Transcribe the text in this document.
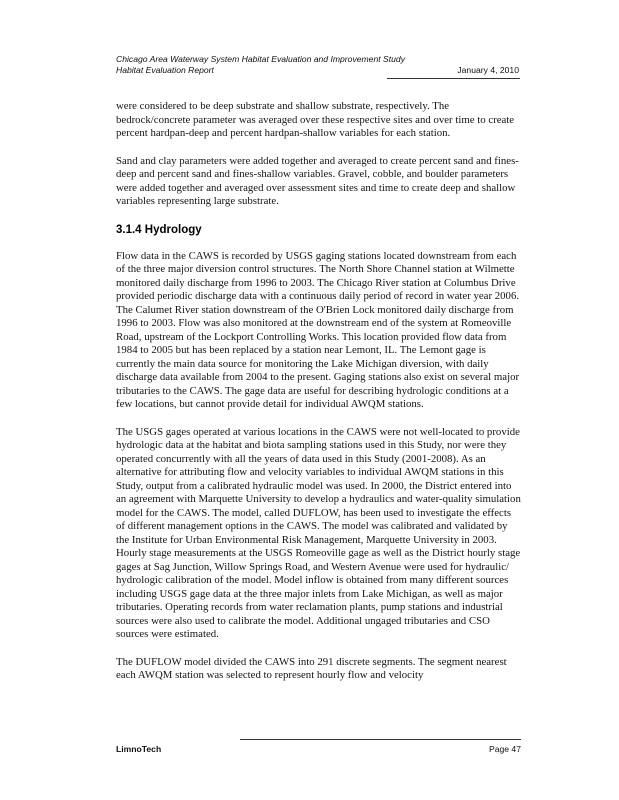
Chicago Area Waterway System Habitat Evaluation and Improvement Study
Habitat Evaluation Report	January 4, 2010

were considered to be deep substrate and shallow substrate, respectively. The bedrock/concrete parameter was averaged over these respective sites and over time to create percent hardpan-deep and percent hardpan-shallow variables for each station.

Sand and clay parameters were added together and averaged to create percent sand and fines-deep and percent sand and fines-shallow variables. Gravel, cobble, and boulder parameters were added together and averaged over assessment sites and time to create deep and shallow variables representing large substrate.

3.1.4 Hydrology

Flow data in the CAWS is recorded by USGS gaging stations located downstream from each of the three major diversion control structures. The North Shore Channel station at Wilmette monitored daily discharge from 1996 to 2003. The Chicago River station at Columbus Drive provided periodic discharge data with a continuous daily period of record in water year 2006. The Calumet River station downstream of the O'Brien Lock monitored daily discharge from 1996 to 2003. Flow was also monitored at the downstream end of the system at Romeoville Road, upstream of the Lockport Controlling Works. This location provided flow data from 1984 to 2005 but has been replaced by a station near Lemont, IL. The Lemont gage is currently the main data source for monitoring the Lake Michigan diversion, with daily discharge data available from 2004 to the present. Gaging stations also exist on several major tributaries to the CAWS. The gage data are useful for describing hydrologic conditions at a few locations, but cannot provide detail for individual AWQM stations.

The USGS gages operated at various locations in the CAWS were not well-located to provide hydrologic data at the habitat and biota sampling stations used in this Study, nor were they operated concurrently with all the years of data used in this Study (2001-2008). As an alternative for attributing flow and velocity variables to individual AWQM stations in this Study, output from a calibrated hydraulic model was used. In 2000, the District entered into an agreement with Marquette University to develop a hydraulics and water-quality simulation model for the CAWS. The model, called DUFLOW, has been used to investigate the effects of different management options in the CAWS. The model was calibrated and validated by the Institute for Urban Environmental Risk Management, Marquette University in 2003. Hourly stage measurements at the USGS Romeoville gage as well as the District hourly stage gages at Sag Junction, Willow Springs Road, and Western Avenue were used for hydraulic/ hydrologic calibration of the model. Model inflow is obtained from many different sources including USGS gage data at the three major inlets from Lake Michigan, as well as major tributaries. Operating records from water reclamation plants, pump stations and industrial sources were also used to calibrate the model. Additional ungaged tributaries and CSO sources were estimated.

The DUFLOW model divided the CAWS into 291 discrete segments. The segment nearest each AWQM station was selected to represent hourly flow and velocity

LimnoTech	Page 47
